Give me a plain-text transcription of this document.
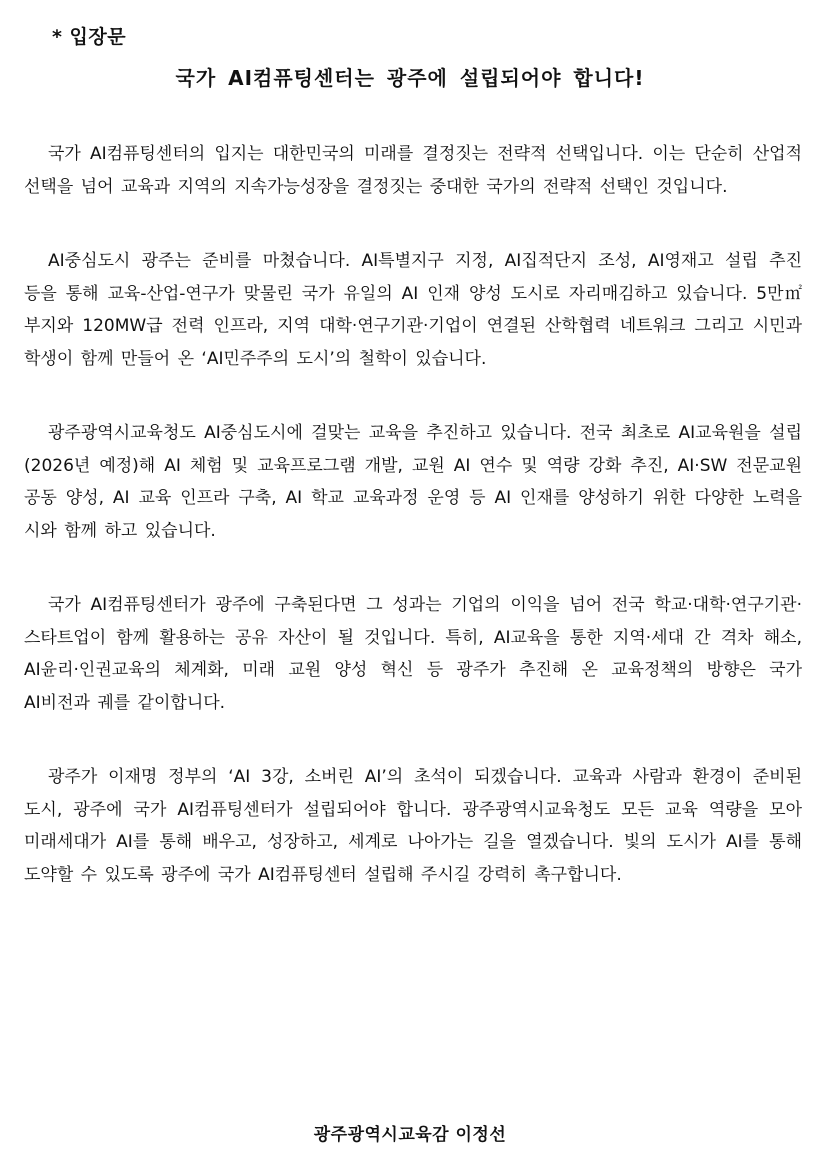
* 입장문
국가 AI컴퓨팅센터는 광주에 설립되어야 합니다!

국가 AI컴퓨팅센터의 입지는 대한민국의 미래를 결정짓는 전략적 선택입니다. 이는 단순히 산업적 선택을 넘어 교육과 지역의 지속가능성장을 결정짓는 중대한 국가의 전략적 선택인 것입니다.

AI중심도시 광주는 준비를 마쳤습니다. AI특별지구 지정, AI집적단지 조성, AI영재고 설립 추진 등을 통해 교육-산업-연구가 맞물린 국가 유일의 AI 인재 양성 도시로 자리매김하고 있습니다. 5만㎡ 부지와 120MW급 전력 인프라, 지역 대학·연구기관·기업이 연결된 산학협력 네트워크 그리고 시민과 학생이 함께 만들어 온 ‘AI민주주의 도시’의 철학이 있습니다.

광주광역시교육청도 AI중심도시에 걸맞는 교육을 추진하고 있습니다. 전국 최초로 AI교육원을 설립(2026년 예정)해 AI 체험 및 교육프로그램 개발, 교원 AI 연수 및 역량 강화 추진, AI·SW 전문교원 공동 양성, AI 교육 인프라 구축, AI 학교 교육과정 운영 등 AI 인재를 양성하기 위한 다양한 노력을 시와 함께 하고 있습니다.

국가 AI컴퓨팅센터가 광주에 구축된다면 그 성과는 기업의 이익을 넘어 전국 학교·대학·연구기관·스타트업이 함께 활용하는 공유 자산이 될 것입니다. 특히, AI교육을 통한 지역·세대 간 격차 해소, AI윤리·인권교육의 체계화, 미래 교원 양성 혁신 등 광주가 추진해 온 교육정책의 방향은 국가 AI비전과 궤를 같이합니다.

광주가 이재명 정부의 ‘AI 3강, 소버린 AI’의 초석이 되겠습니다. 교육과 사람과 환경이 준비된 도시, 광주에 국가 AI컴퓨팅센터가 설립되어야 합니다. 광주광역시교육청도 모든 교육 역량을 모아 미래세대가 AI를 통해 배우고, 성장하고, 세계로 나아가는 길을 열겠습니다. 빛의 도시가 AI를 통해 도약할 수 있도록 광주에 국가 AI컴퓨팅센터 설립해 주시길 강력히 촉구합니다.

광주광역시교육감 이정선
